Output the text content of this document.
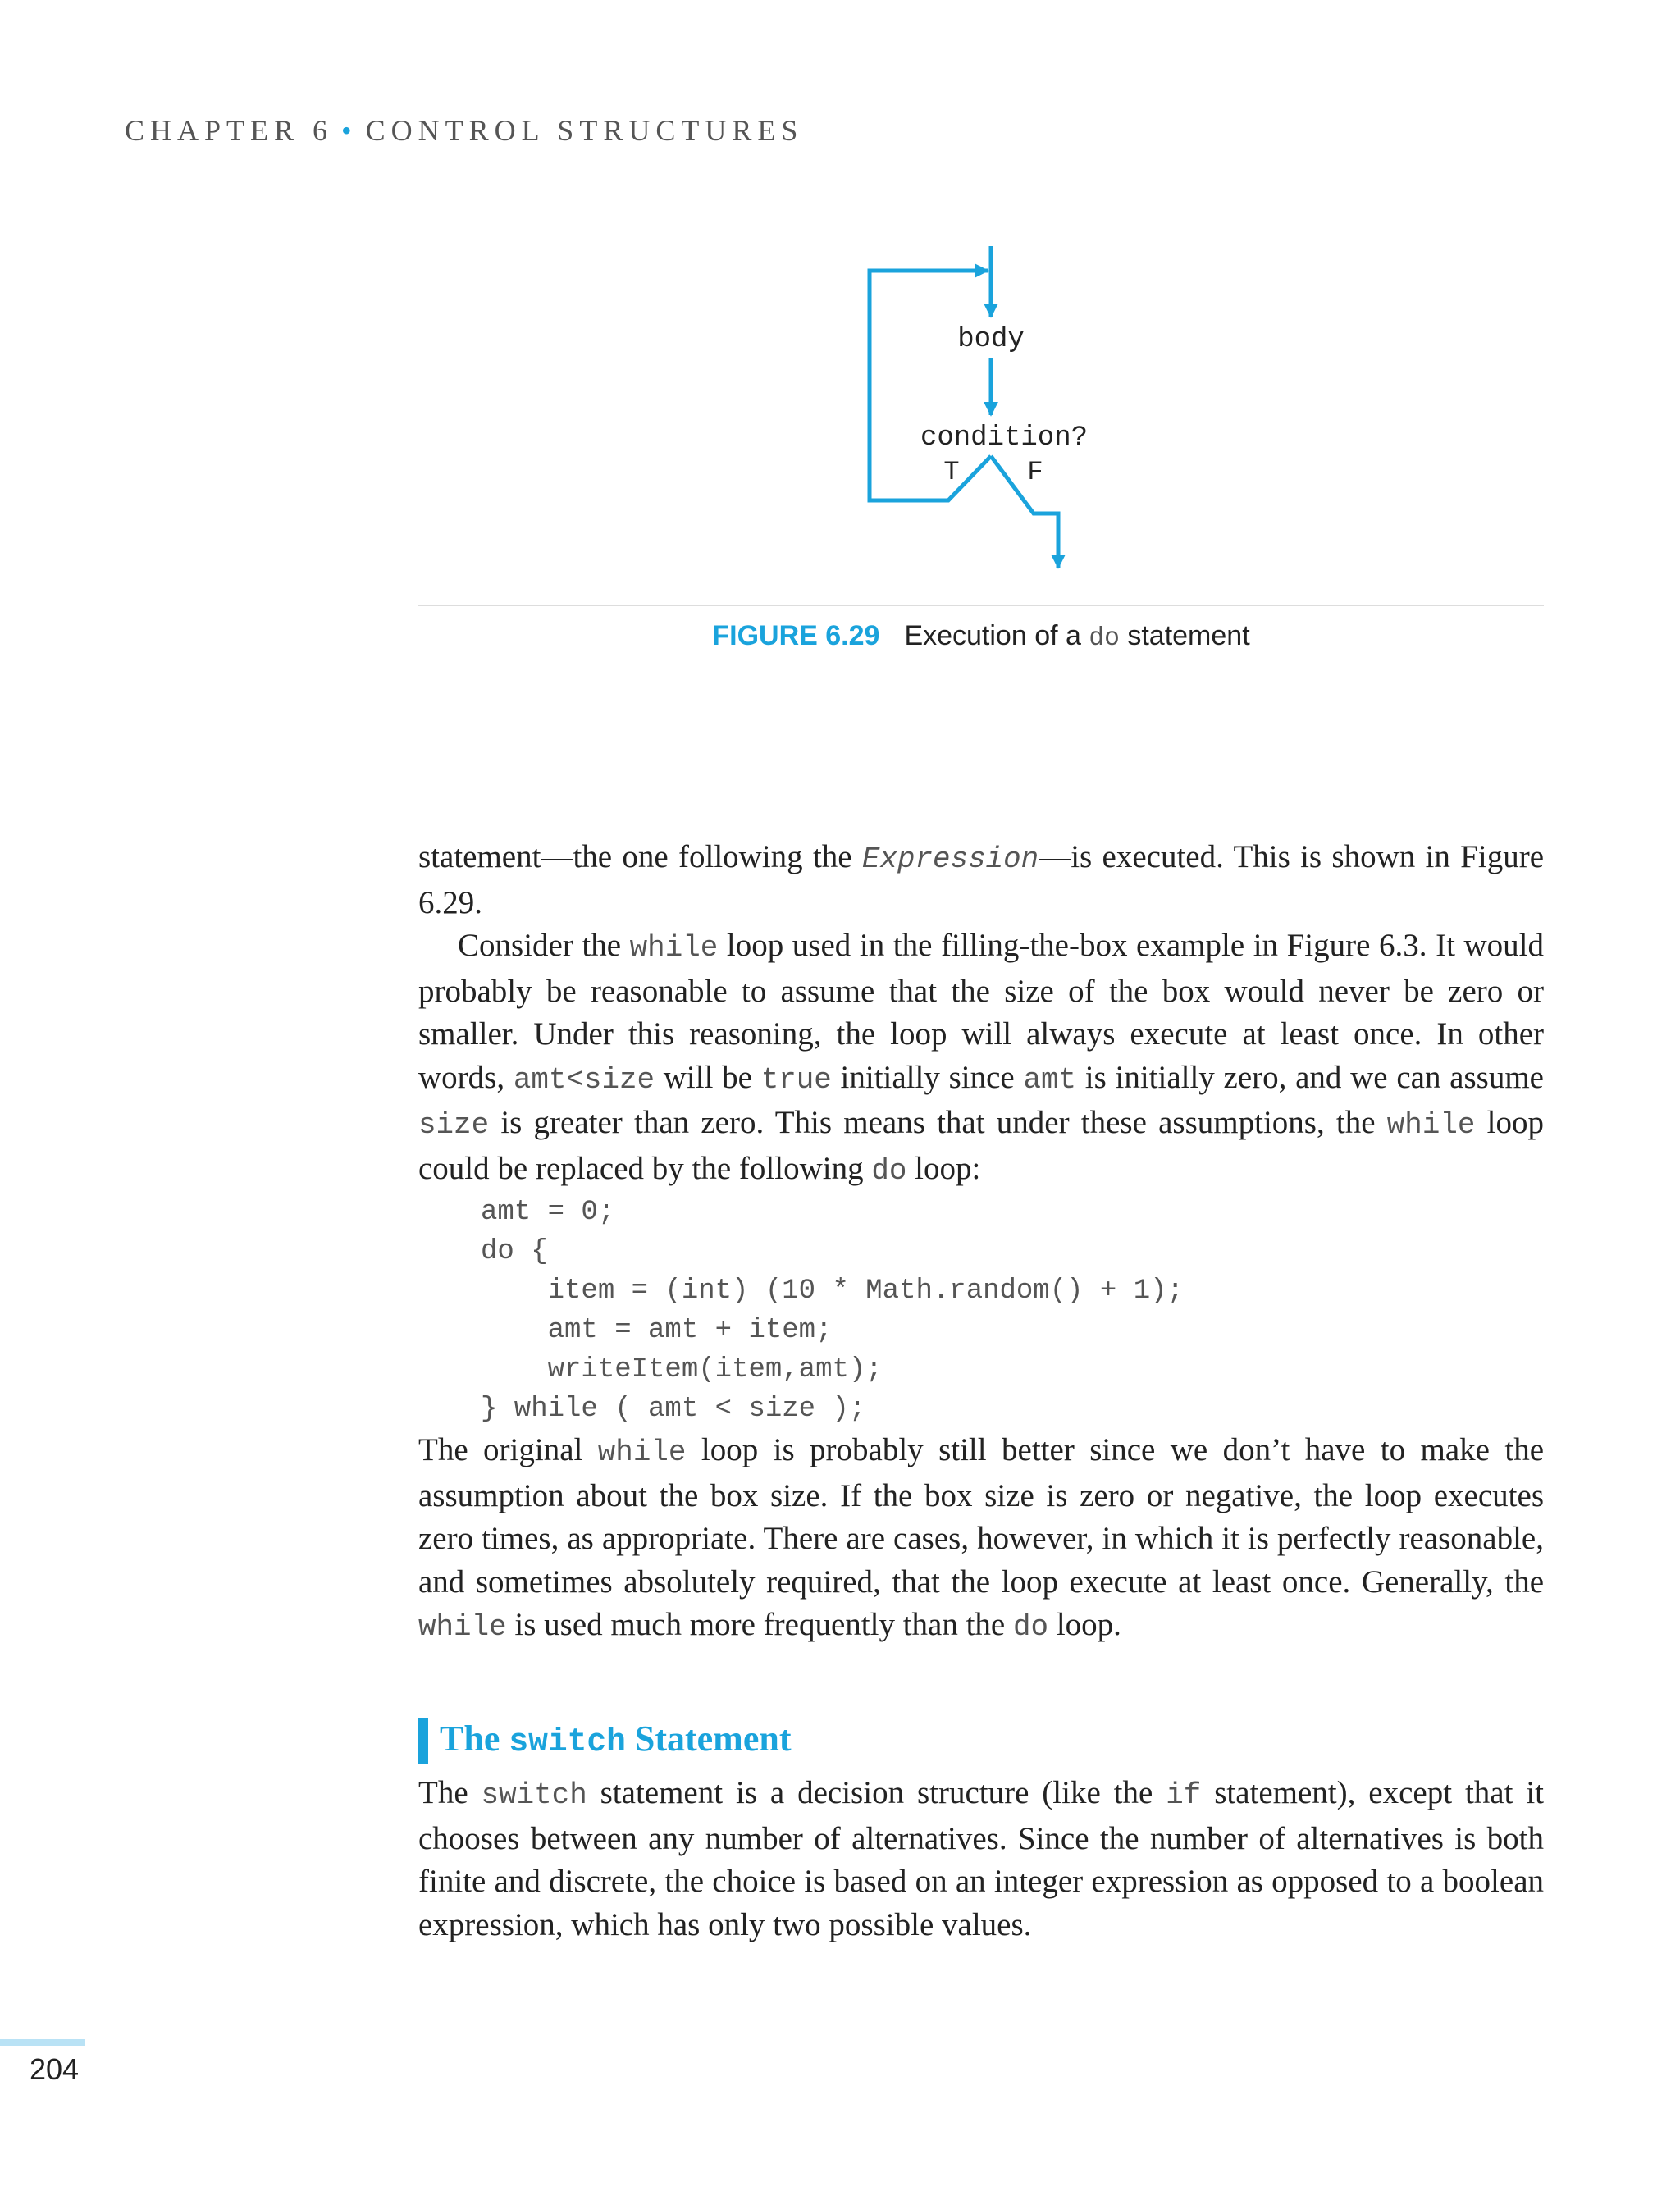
CHAPTER 6 • CONTROL STRUCTURES
body
condition?
T	F
FIGURE 6.29 Execution of a do statement

statement—the one following the Expression—is executed. This is shown in Figure 6.29.

Consider the while loop used in the filling-the-box example in Figure 6.3. It would probably be reasonable to assume that the size of the box would never be zero or smaller. Under this reasoning, the loop will always execute at least once. In other words, amt<size will be true initially since amt is initially zero, and we can assume size is greater than zero. This means that under these assumptions, the while loop could be replaced by the following do loop:

amt = 0;
do {
item = (int) (10 * Math.random() + 1);
amt = amt + item;
writeItem(item,amt);
} while ( amt < size );

The original while loop is probably still better since we don’t have to make the assumption about the box size. If the box size is zero or negative, the loop executes zero times, as appropriate. There are cases, however, in which it is perfectly reasonable, and sometimes absolutely required, that the loop execute at least once. Generally, the while is used much more frequently than the do loop.

The switch Statement

The switch statement is a decision structure (like the if statement), except that it chooses between any number of alternatives. Since the number of alternatives is both finite and discrete, the choice is based on an integer expression as opposed to a boolean expression, which has only two possible values.

204
